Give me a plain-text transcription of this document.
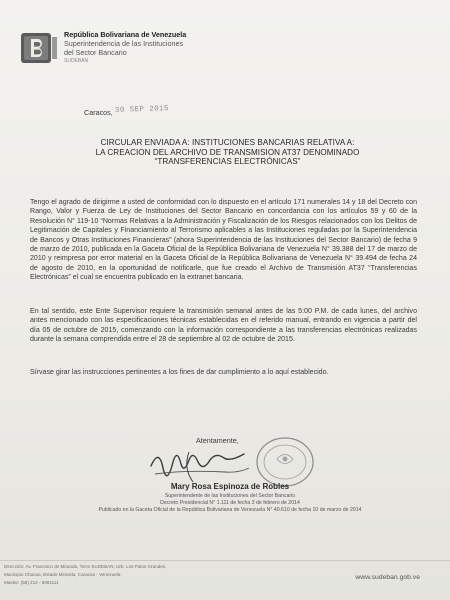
República Bolivariana de Venezuela
Superintendencia de las Instituciones
del Sector Bancario
SUDEBAN
Caracos, 30 SEP 2015
CIRCULAR ENVIADA A: INSTITUCIONES BANCARIAS RELATIVA A:
LA CREACION DEL ARCHIVO DE TRANSMISION AT37 DENOMINADO
“TRANSFERENCIAS ELECTRÓNICAS”
Tengo el agrado de dirigirme a usted de conformidad con lo dispuesto en el artículo 171 numerales 14 y 18 del Decreto con Rango, Valor y Fuerza de Ley de Instituciones del Sector Bancario en concordancia con los artículos 59 y 60 de la Resolución N° 119-10 “Normas Relativas a la Administración y Fiscalización de los Riesgos relacionados con los Delitos de Legitimación de Capitales y Financiamiento al Terrorismo aplicables a las Instituciones reguladas por la Superintendencia de Bancos y Otras Instituciones Financieras” (ahora Superintendencia de las Instituciones del Sector Bancario) de fecha 9 de marzo de 2010, publicada en la Gaceta Oficial de la República Bolivariana de Venezuela N° 39.388 del 17 de marzo de 2010 y reimpresa por error material en la Gaceta Oficial de la República Bolivariana de Venezuela N° 39.494 de fecha 24 de agosto de 2010, en la oportunidad de notificarle, que fue creado el Archivo de Transmisión AT37 “Transferencias Electrónicas” el cual se encuentra publicado en la extranet bancaria.
En tal sentido, este Ente Supervisor requiere la transmisión semanal antes de las 5:00 P.M. de cada lunes, del archivo antes mencionado con las especificaciones técnicas establecidas en el referido manual, entrando en vigencia a partir del día 05 de octubre de 2015, comenzando con la información correspondiente a las transferencias electrónicas realizadas durante la semana comprendida entre el 28 de septiembre al 02 de octubre de 2015.
Sírvase girar las instrucciones pertinentes a los fines de dar cumplimiento a lo aquí establecido.
Atentamente,
Mary Rosa Espinoza de Robles
Superintendente de las Instituciones del Sector Bancario
Decreto Presidencial N° 1.111 de fecha 3 de febrero de 2014
Publicado en la Gaceta Oficial de la República Bolivariana de Venezuela N° 40.610 de fecha 10 de marzo de 2014
Dirección: Av. Francisco de Miranda, Torre SUDEBAN, Urb. Los Palos Grandes,
Municipio Chacao, Estado Miranda, Caracas - Venezuela
Master: (58) 212 - 5081111
www.sudeban.gob.ve
